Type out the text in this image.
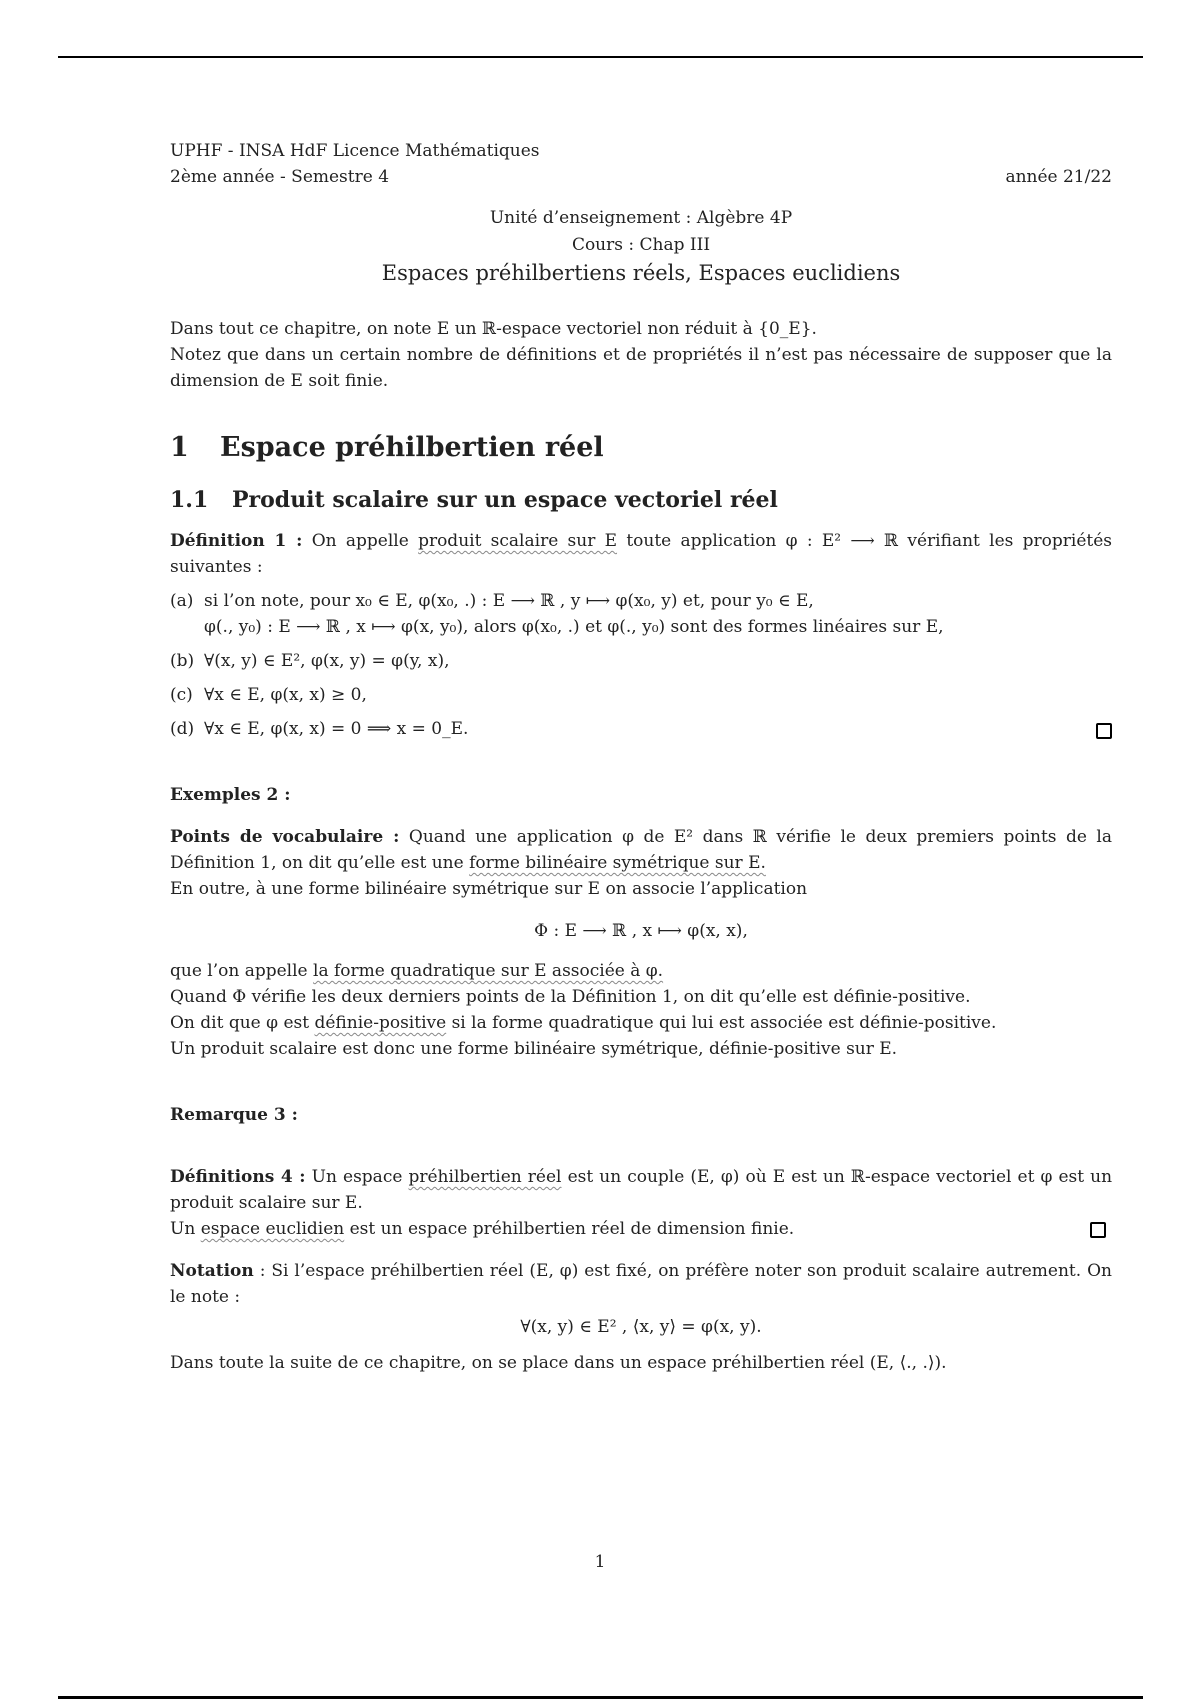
UPHF - INSA HdF Licence Mathématiques
2ème année - Semestre 4	année 21/22
Unité d’enseignement : Algèbre 4P
Cours : Chap III
Espaces préhilbertiens réels, Espaces euclidiens
Dans tout ce chapitre, on note E un ℝ-espace vectoriel non réduit à {0_E}.
Notez que dans un certain nombre de définitions et de propriétés il n’est pas nécessaire de supposer que la dimension de E soit finie.
1 Espace préhilbertien réel
1.1 Produit scalaire sur un espace vectoriel réel
Définition 1 : On appelle produit scalaire sur E toute application φ : E² ⟶ ℝ vérifiant les propriétés suivantes :
(a) si l’on note, pour x₀ ∈ E, φ(x₀, .) : E ⟶ ℝ , y ⟼ φ(x₀, y) et, pour y₀ ∈ E,
φ(., y₀) : E ⟶ ℝ , x ⟼ φ(x, y₀), alors φ(x₀, .) et φ(., y₀) sont des formes linéaires sur E,
(b) ∀(x, y) ∈ E², φ(x, y) = φ(y, x),
(c) ∀x ∈ E, φ(x, x) ≥ 0,
(d) ∀x ∈ E, φ(x, x) = 0 ⟹ x = 0_E.
Exemples 2 :
Points de vocabulaire : Quand une application φ de E² dans ℝ vérifie le deux premiers points de la Définition 1, on dit qu’elle est une forme bilinéaire symétrique sur E.
En outre, à une forme bilinéaire symétrique sur E on associe l’application
Φ : E ⟶ ℝ , x ⟼ φ(x, x),
que l’on appelle la forme quadratique sur E associée à φ.
Quand Φ vérifie les deux derniers points de la Définition 1, on dit qu’elle est définie-positive.
On dit que φ est définie-positive si la forme quadratique qui lui est associée est définie-positive.
Un produit scalaire est donc une forme bilinéaire symétrique, définie-positive sur E.
Remarque 3 :
Définitions 4 : Un espace préhilbertien réel est un couple (E, φ) où E est un ℝ-espace vectoriel et φ est un produit scalaire sur E.
Un espace euclidien est un espace préhilbertien réel de dimension finie.
Notation : Si l’espace préhilbertien réel (E, φ) est fixé, on préfère noter son produit scalaire autrement. On le note :
∀(x, y) ∈ E² , ⟨x, y⟩ = φ(x, y).
Dans toute la suite de ce chapitre, on se place dans un espace préhilbertien réel (E, ⟨., .⟩).
1
